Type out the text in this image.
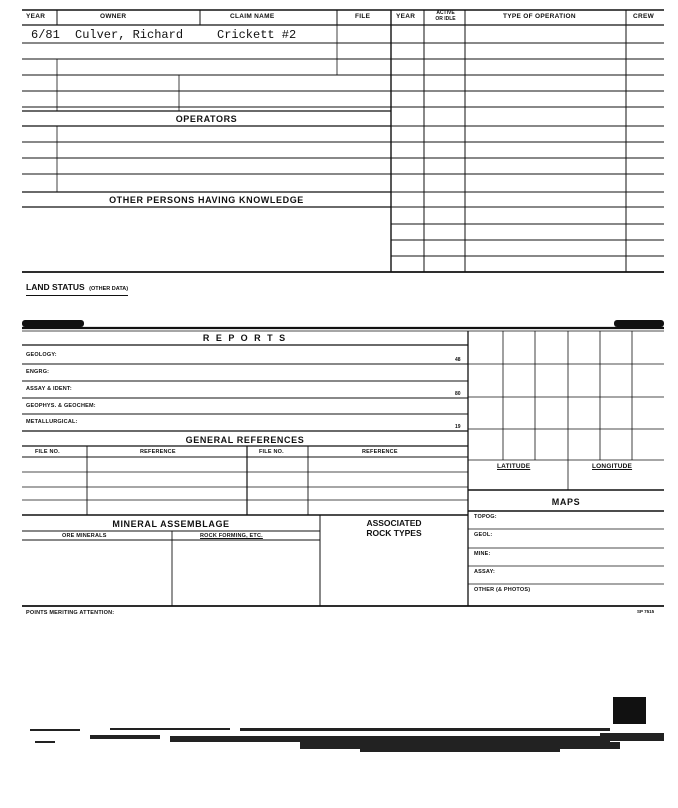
YEAR	OWNER	CLAIM NAME	FILE	YEAR	ACTIVE
OR IDLE	TYPE OF OPERATION	CREW
6/81 Culver, Richard	Crickett #2
OPERATORS
OTHER PERSONS HAVING KNOWLEDGE
LAND STATUS (OTHER DATA)
R E P O R T S
GEOLOGY:
48
ENGRG:
ASSAY & IDENT:
80
GEOPHYS. & GEOCHEM:
METALLURGICAL:
19
GENERAL REFERENCES
FILE NO.	REFERENCE	FILE NO.	REFERENCE
MINERAL ASSEMBLAGE
ORE MINERALS	ROCK FORMING, ETC.
ASSOCIATED
ROCK TYPES
LATITUDE	LONGITUDE
MAPS
TOPOG:
GEOL:
MINE:
ASSAY:
OTHER (& PHOTOS)
POINTS MERITING ATTENTION:	SP 7515
